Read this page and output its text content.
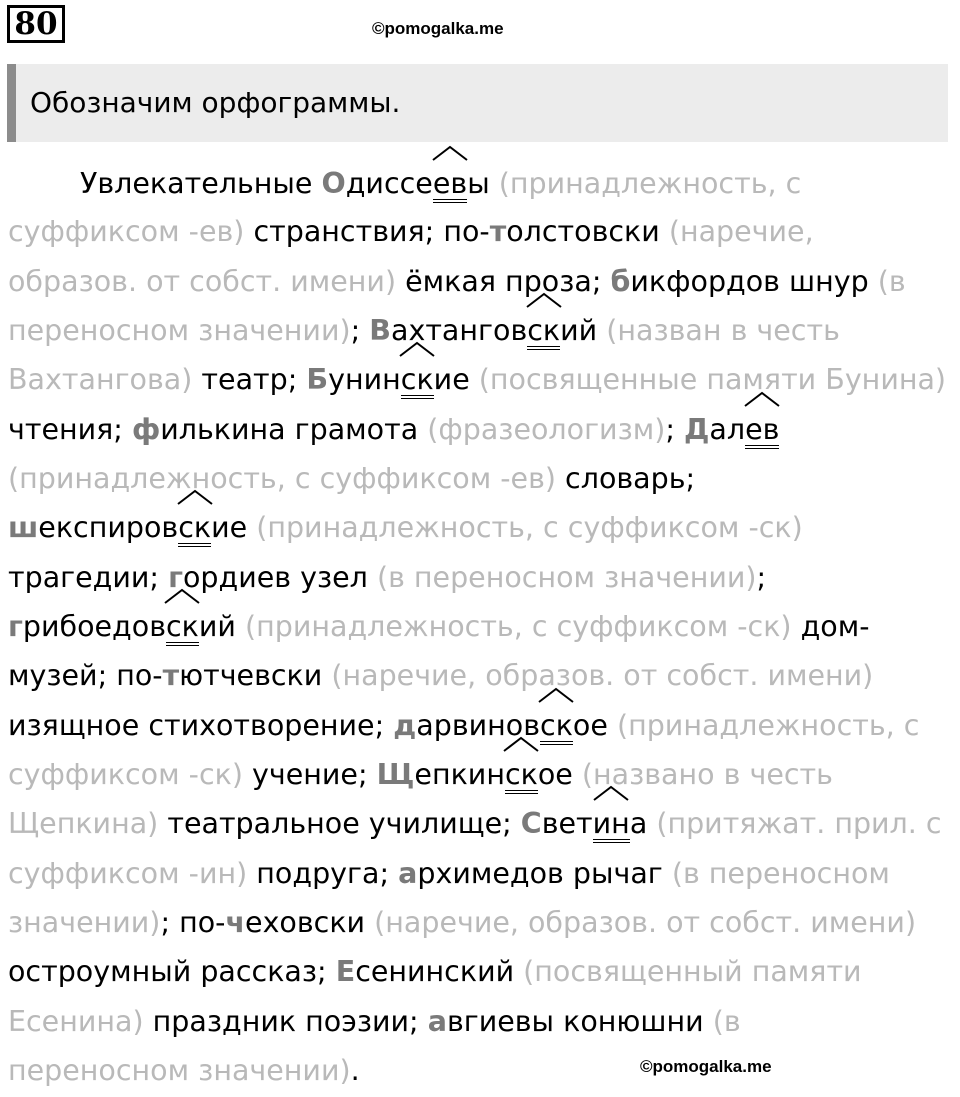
80	©pomogalka.me
Обозначим орфограммы.
Увлекательные Одиссе
евы (принадлежность, с
суффиксом -ев) странствия; по-толстовски (наречие,
образов. от собст. имени) ёмкая проза; бикфордов шнур (в
переносном значении); Вахтангов
ский (назван в честь
Вахтангова) театр; Бунин
ские (посвященные памяти Бунина)
чтения; филькина грамота (фразеологизм); Дал
ев
(принадлежность, с суффиксом -ев) словарь;
шекспиров
ские (принадлежность, с суффиксом -ск)
трагедии; гордиев узел (в переносном значении);
грибоедов
ский (принадлежность, с суффиксом -ск) дом-
музей; по-тютчевски (наречие, образов. от собст. имени)
изящное стихотворение; дарвинов
ское (принадлежность, с
суффиксом -ск) учение; Щепкин
ское (названо в честь
Щепкина) театральное училище; Свет
ина (притяжат. прил. с
суффиксом -ин) подруга; архимедов рычаг (в переносном
значении); по-чеховски (наречие, образов. от собст. имени)
остроумный рассказ; Есенинский (посвященный памяти
Есенина) праздник поэзии; авгиевы конюшни (в
переносном значении).	©pomogalka.me
